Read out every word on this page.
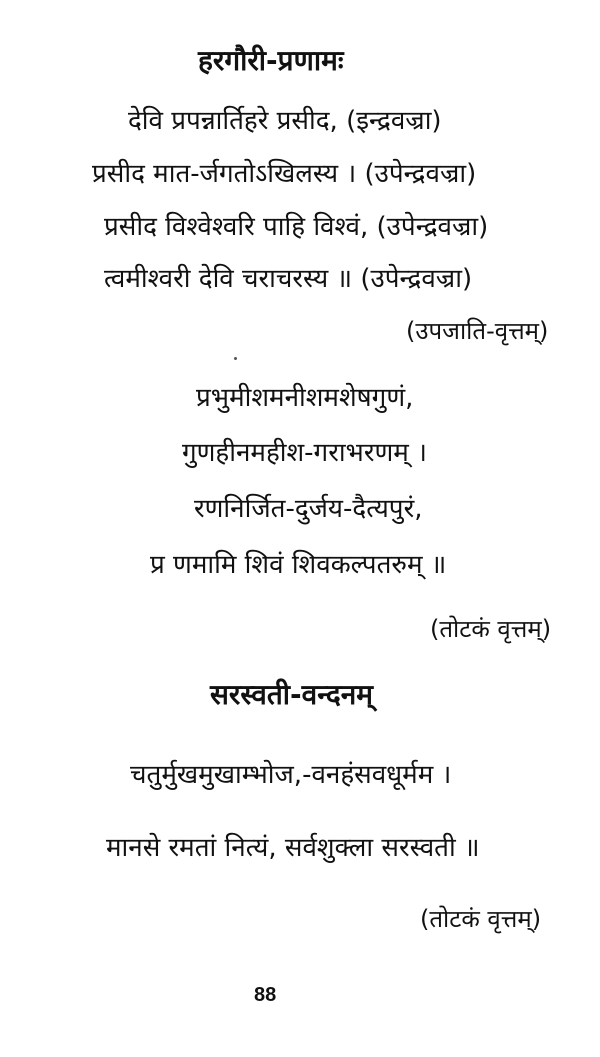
हरगौरी-प्रणामः
देवि प्रपन्नार्तिहरे प्रसीद, (इन्द्रवज्रा)
प्रसीद मात-र्जगतोऽखिलस्य । (उपेन्द्रवज्रा)
प्रसीद विश्वेश्वरि पाहि विश्वं, (उपेन्द्रवज्रा)
त्वमीश्वरी देवि चराचरस्य ॥ (उपेन्द्रवज्रा)
(उपजाति-वृत्तम्)
प्रभुमीशमनीशमशेषगुणं,
गुणहीनमहीश-गराभरणम् ।
रणनिर्जित-दुर्जय-दैत्यपुरं,
प्र णमामि शिवं शिवकल्पतरुम् ॥
(तोटकं वृत्तम्)
सरस्वती-वन्दनम्
चतुर्मुखमुखाम्भोज,-वनहंसवधूर्मम ।
मानसे रमतां नित्यं, सर्वशुक्ला सरस्वती ॥
(तोटकं वृत्तम्)
88
